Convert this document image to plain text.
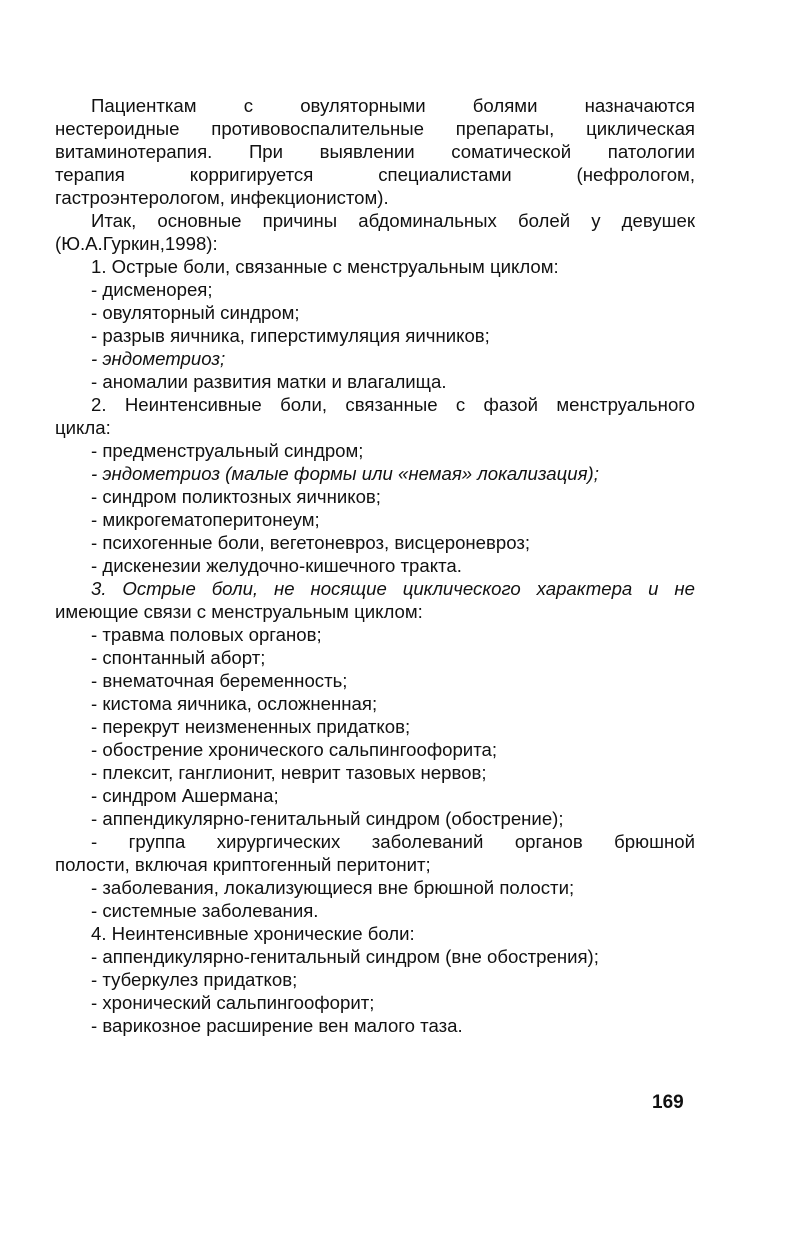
Пациенткам с овуляторными болями назначаются
нестероидные противовоспалительные препараты, циклическая
витаминотерапия. При выявлении соматической патологии
терапия корригируется специалистами (нефрологом,
гастроэнтерологом, инфекционистом).
Итак, основные причины абдоминальных болей у девушек
(Ю.А.Гуркин,1998):
1. Острые боли, связанные с менструальным циклом:
- дисменорея;
- овуляторный синдром;
- разрыв яичника, гиперстимуляция яичников;
- эндометриоз;
- аномалии развития матки и влагалища.
2. Неинтенсивные боли, связанные с фазой менструального
цикла:
- предменструальный синдром;
- эндометриоз (малые формы или «немая» локализация);
- синдром поликтозных яичников;
- микрогематоперитонеум;
- психогенные боли, вегетоневроз, висцероневроз;
- дискенезии желудочно-кишечного тракта.
3. Острые боли, не носящие циклического характера и не
имеющие связи с менструальным циклом:
- травма половых органов;
- спонтанный аборт;
- внематочная беременность;
- кистома яичника, осложненная;
- перекрут неизмененных придатков;
- обострение хронического сальпингоофорита;
- плексит, ганглионит, неврит тазовых нервов;
- синдром Ашермана;
- аппендикулярно-генитальный синдром (обострение);
- группа хирургических заболеваний органов брюшной
полости, включая криптогенный перитонит;
- заболевания, локализующиеся вне брюшной полости;
- системные заболевания.
4. Неинтенсивные хронические боли:
- аппендикулярно-генитальный синдром (вне обострения);
- туберкулез придатков;
- хронический сальпингоофорит;
- варикозное расширение вен малого таза.
169
